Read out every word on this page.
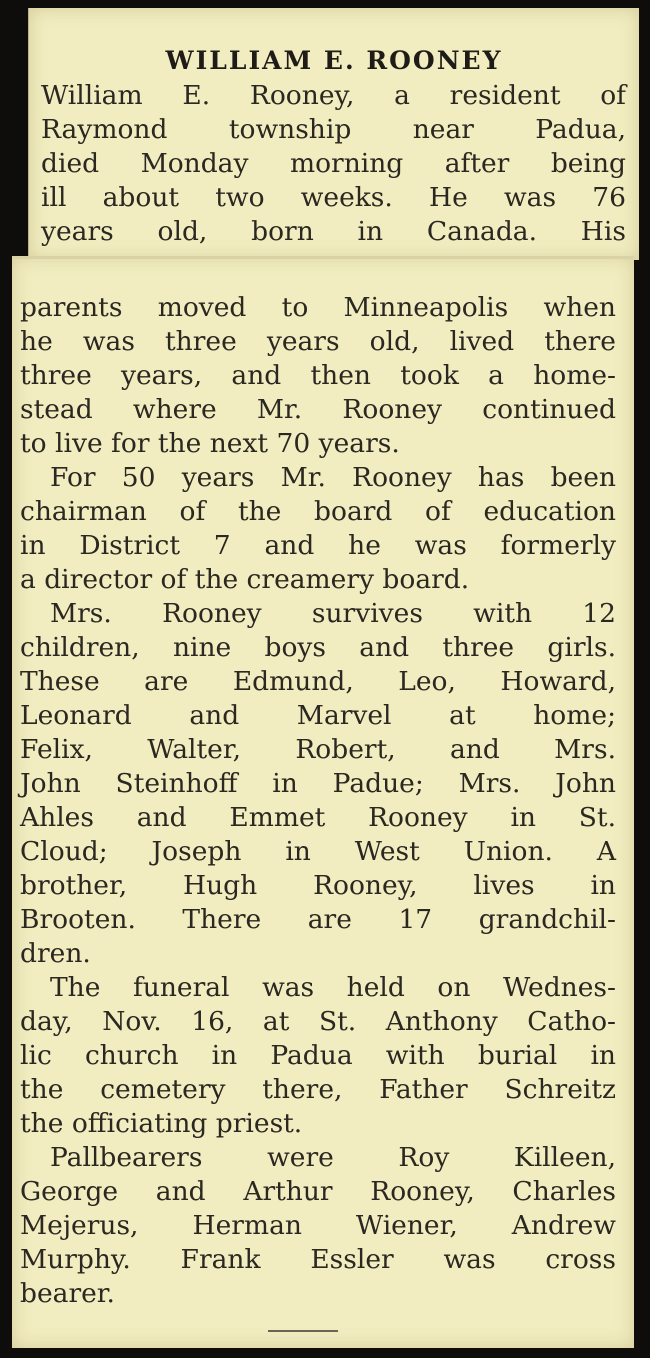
WILLIAM E. ROONEY
William E. Rooney, a resident of
Raymond township near Padua,
died Monday morning after being
ill about two weeks. He was 76
years old, born in Canada. His
parents moved to Minneapolis when
he was three years old, lived there
three years, and then took a home-
stead where Mr. Rooney continued
to live for the next 70 years.
For 50 years Mr. Rooney has been
chairman of the board of education
in District 7 and he was formerly
a director of the creamery board.
Mrs. Rooney survives with 12
children, nine boys and three girls.
These are Edmund, Leo, Howard,
Leonard and Marvel at home;
Felix, Walter, Robert, and Mrs.
John Steinhoff in Padue; Mrs. John
Ahles and Emmet Rooney in St.
Cloud; Joseph in West Union. A
brother, Hugh Rooney, lives in
Brooten. There are 17 grandchil-
dren.
The funeral was held on Wednes-
day, Nov. 16, at St. Anthony Catho-
lic church in Padua with burial in
the cemetery there, Father Schreitz
the officiating priest.
Pallbearers were Roy Killeen,
George and Arthur Rooney, Charles
Mejerus, Herman Wiener, Andrew
Murphy. Frank Essler was cross
bearer.
